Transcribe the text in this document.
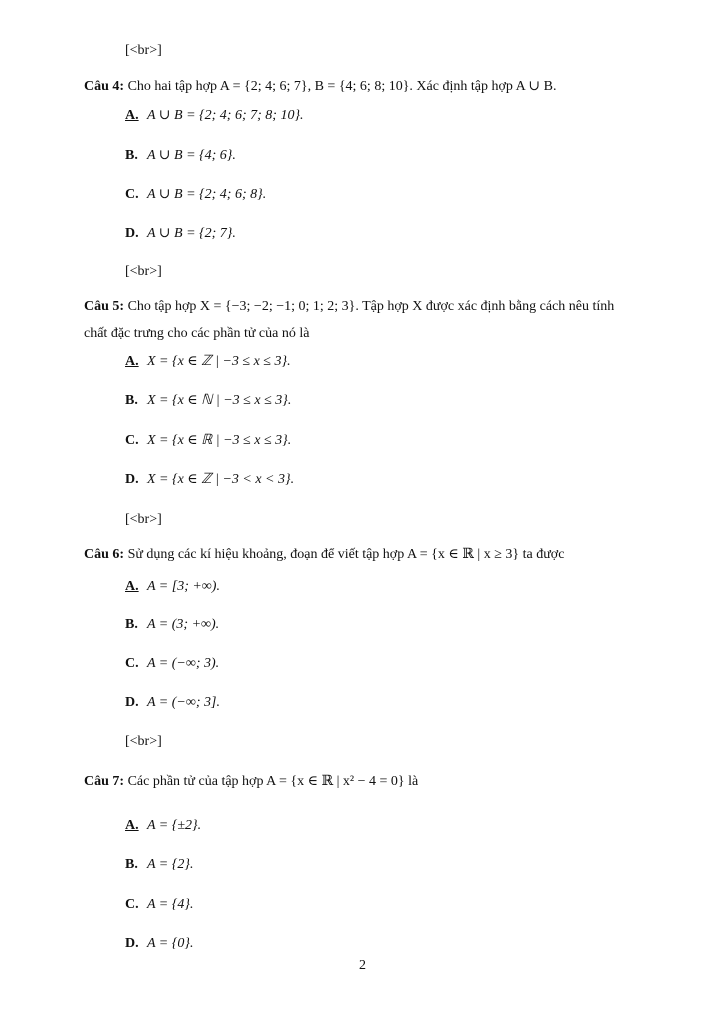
[<br>]
Câu 4: Cho hai tập hợp A = {2; 4; 6; 7}, B = {4; 6; 8; 10}. Xác định tập hợp A ∪ B.
A. A ∪ B = {2; 4; 6; 7; 8; 10}.
B. A ∪ B = {4; 6}.
C. A ∪ B = {2; 4; 6; 8}.
D. A ∪ B = {2; 7}.
[<br>]
Câu 5: Cho tập hợp X = {−3; −2; −1; 0; 1; 2; 3}. Tập hợp X được xác định bằng cách nêu tính
chất đặc trưng cho các phần tử của nó là
A. X = {x ∈ ℤ | −3 ≤ x ≤ 3}.
B. X = {x ∈ ℕ | −3 ≤ x ≤ 3}.
C. X = {x ∈ ℝ | −3 ≤ x ≤ 3}.
D. X = {x ∈ ℤ | −3 < x < 3}.
[<br>]
Câu 6: Sử dụng các kí hiệu khoảng, đoạn để viết tập hợp A = {x ∈ ℝ | x ≥ 3} ta được
A. A = [3; +∞).
B. A = (3; +∞).
C. A = (−∞; 3).
D. A = (−∞; 3].
[<br>]
Câu 7: Các phần tử của tập hợp A = {x ∈ ℝ | x² − 4 = 0} là
A. A = {±2}.
B. A = {2}.
C. A = {4}.
D. A = {0}.
2
